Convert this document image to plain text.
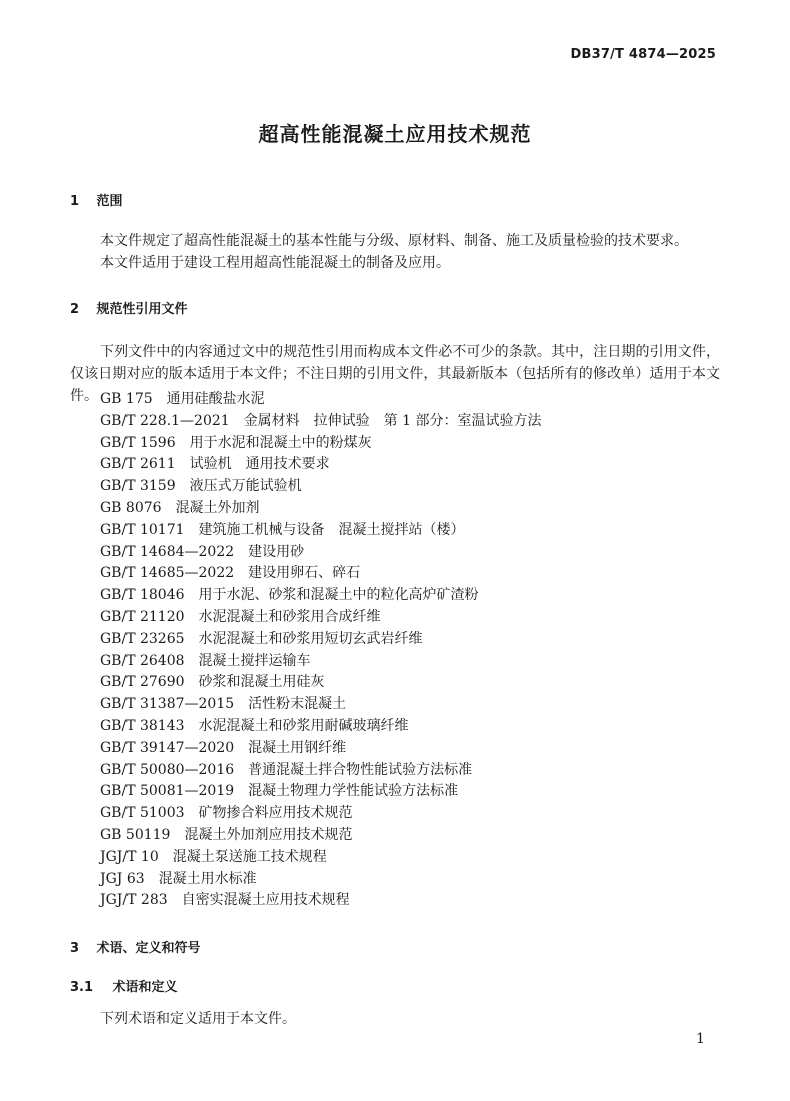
DB37/T 4874—2025
超高性能混凝土应用技术规范
1 范围

本文件规定了超高性能混凝土的基本性能与分级、原材料、制备、施工及质量检验的技术要求。

本文件适用于建设工程用超高性能混凝土的制备及应用。

2 规范性引用文件

下列文件中的内容通过文中的规范性引用而构成本文件必不可少的条款。其中，注日期的引用文件，仅该日期对应的版本适用于本文件；不注日期的引用文件，其最新版本（包括所有的修改单）适用于本文件。 GB 175 通用硅酸盐水泥
GB/T 228.1—2021 金属材料　拉伸试验　第 1 部分：室温试验方法
GB/T 1596 用于水泥和混凝土中的粉煤灰
GB/T 2611 试验机　通用技术要求
GB/T 3159 液压式万能试验机
GB 8076 混凝土外加剂
GB/T 10171 建筑施工机械与设备　混凝土搅拌站（楼）
GB/T 14684—2022 建设用砂
GB/T 14685—2022 建设用卵石、碎石
GB/T 18046 用于水泥、砂浆和混凝土中的粒化高炉矿渣粉
GB/T 21120 水泥混凝土和砂浆用合成纤维
GB/T 23265 水泥混凝土和砂浆用短切玄武岩纤维
GB/T 26408 混凝土搅拌运输车
GB/T 27690 砂浆和混凝土用硅灰
GB/T 31387—2015 活性粉末混凝土
GB/T 38143 水泥混凝土和砂浆用耐碱玻璃纤维
GB/T 39147—2020 混凝土用钢纤维
GB/T 50080—2016 普通混凝土拌合物性能试验方法标准
GB/T 50081—2019 混凝土物理力学性能试验方法标准
GB/T 51003 矿物掺合料应用技术规范
GB 50119 混凝土外加剂应用技术规范
JGJ/T 10 混凝土泵送施工技术规程
JGJ 63 混凝土用水标准
JGJ/T 283 自密实混凝土应用技术规程
3 术语、定义和符号
3.1 术语和定义

下列术语和定义适用于本文件。

1
